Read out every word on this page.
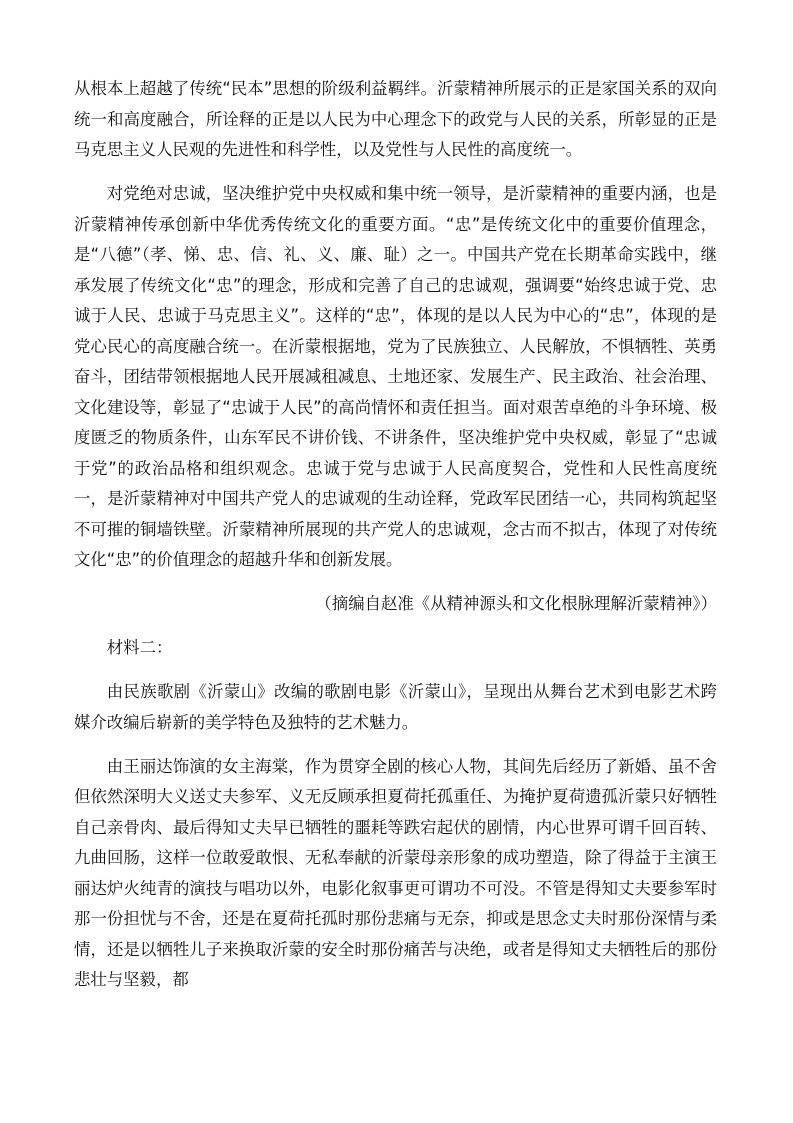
从根本上超越了传统“民本”思想的阶级利益羁绊。沂蒙精神所展示的正是家国关系的双向统一和高度融合，所诠释的正是以人民为中心理念下的政党与人民的关系，所彰显的正是马克思主义人民观的先进性和科学性，以及党性与人民性的高度统一。

对党绝对忠诚，坚决维护党中央权威和集中统一领导，是沂蒙精神的重要内涵，也是沂蒙精神传承创新中华优秀传统文化的重要方面。“忠”是传统文化中的重要价值理念，是“八德”（孝、悌、忠、信、礼、义、廉、耻）之一。中国共产党在长期革命实践中，继承发展了传统文化“忠”的理念，形成和完善了自己的忠诚观，强调要“始终忠诚于党、忠诚于人民、忠诚于马克思主义”。这样的“忠”，体现的是以人民为中心的“忠”，体现的是党心民心的高度融合统一。在沂蒙根据地，党为了民族独立、人民解放，不惧牺牲、英勇奋斗，团结带领根据地人民开展减租减息、土地还家、发展生产、民主政治、社会治理、文化建设等，彰显了“忠诚于人民”的高尚情怀和责任担当。面对艰苦卓绝的斗争环境、极度匮乏的物质条件，山东军民不讲价钱、不讲条件，坚决维护党中央权威，彰显了“忠诚于党”的政治品格和组织观念。忠诚于党与忠诚于人民高度契合，党性和人民性高度统一，是沂蒙精神对中国共产党人的忠诚观的生动诠释，党政军民团结一心，共同构筑起坚不可摧的铜墙铁壁。沂蒙精神所展现的共产党人的忠诚观，念古而不拟古，体现了对传统文化“忠”的价值理念的超越升华和创新发展。

（摘编自赵准《从精神源头和文化根脉理解沂蒙精神》）

材料二：

由民族歌剧《沂蒙山》改编的歌剧电影《沂蒙山》，呈现出从舞台艺术到电影艺术跨媒介改编后崭新的美学特色及独特的艺术魅力。

由王丽达饰演的女主海棠，作为贯穿全剧的核心人物，其间先后经历了新婚、虽不舍但依然深明大义送丈夫参军、义无反顾承担夏荷托孤重任、为掩护夏荷遗孤沂蒙只好牺牲自己亲骨肉、最后得知丈夫早已牺牲的噩耗等跌宕起伏的剧情，内心世界可谓千回百转、九曲回肠，这样一位敢爱敢恨、无私奉献的沂蒙母亲形象的成功塑造，除了得益于主演王丽达炉火纯青的演技与唱功以外，电影化叙事更可谓功不可没。不管是得知丈夫要参军时那一份担忧与不舍，还是在夏荷托孤时那份悲痛与无奈，抑或是思念丈夫时那份深情与柔情，还是以牺牲儿子来换取沂蒙的安全时那份痛苦与决绝，或者是得知丈夫牺牲后的那份悲壮与坚毅，都
